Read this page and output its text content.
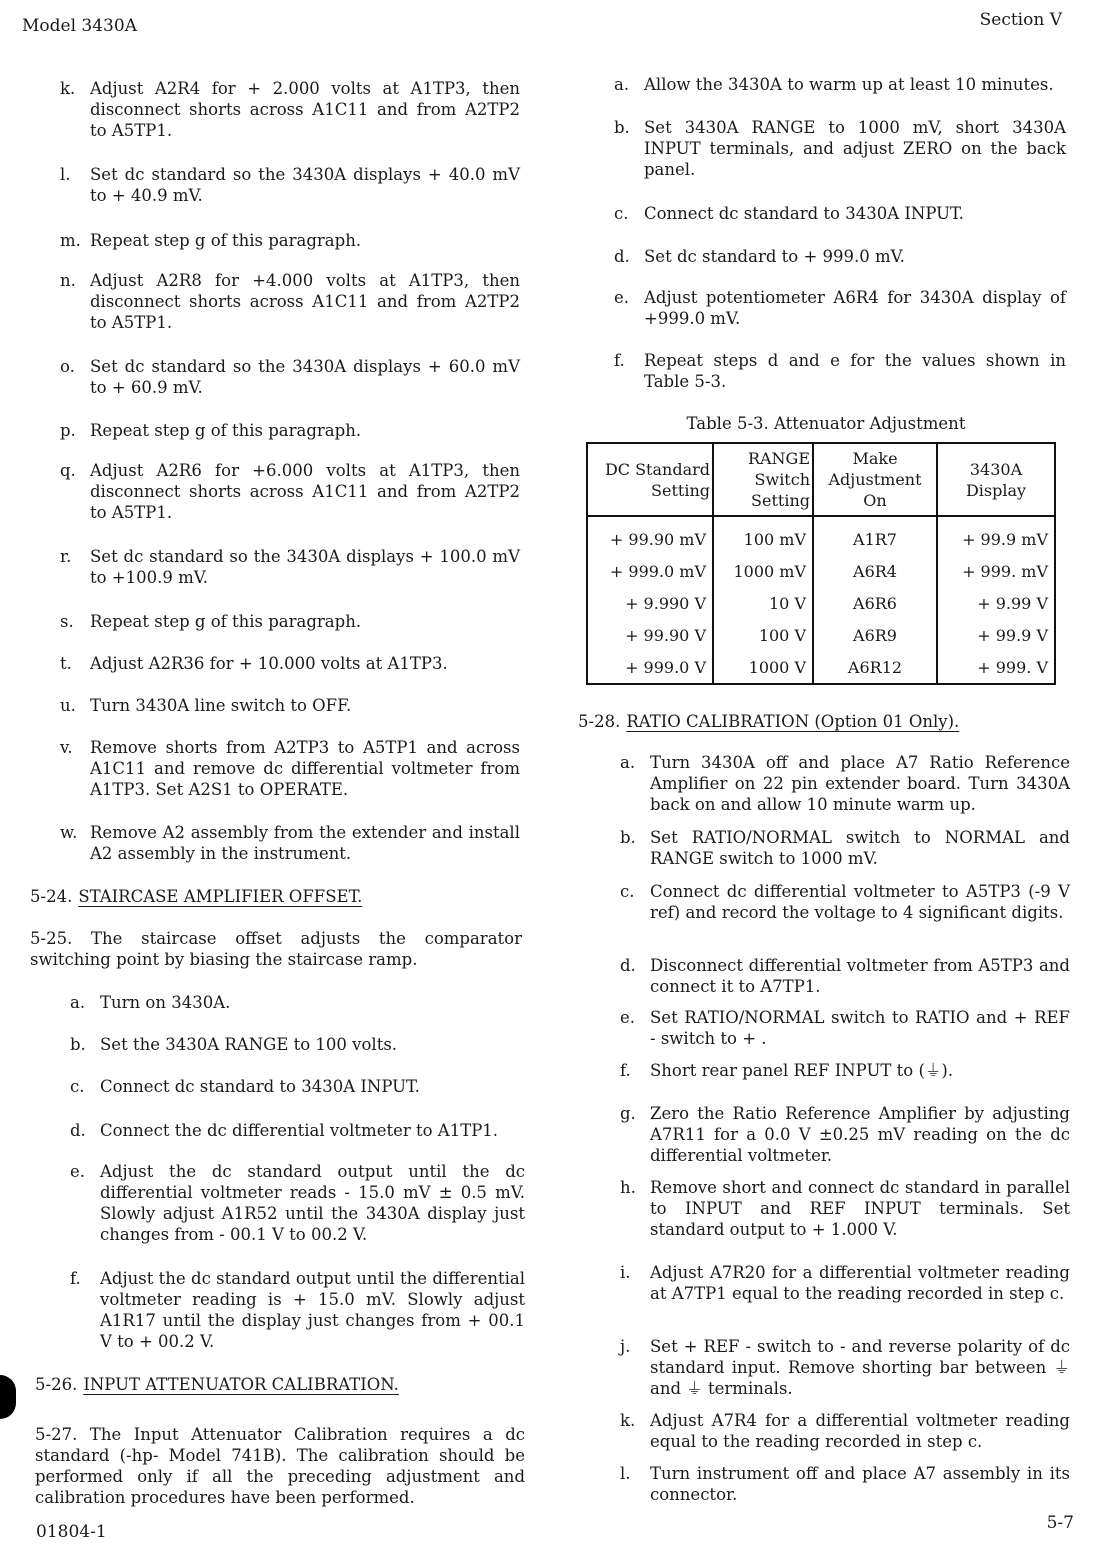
Model 3430A	Section V
k. Adjust A2R4 for + 2.000 volts at A1TP3, then disconnect shorts across A1C11 and from A2TP2 to A5TP1.
l.	Set dc standard so the 3430A displays + 40.0 mV to + 40.9 mV.
m. Repeat step g of this paragraph.
n. Adjust A2R8 for +4.000 volts at A1TP3, then disconnect shorts across A1C11 and from A2TP2 to A5TP1.
o. Set dc standard so the 3430A displays + 60.0 mV to + 60.9 mV.
p. Repeat step g of this paragraph.
q. Adjust A2R6 for +6.000 volts at A1TP3, then disconnect shorts across A1C11 and from A2TP2 to A5TP1.
r.	Set dc standard so the 3430A displays + 100.0 mV to +100.9 mV.
s. Repeat step g of this paragraph.
t.	Adjust A2R36 for + 10.000 volts at A1TP3.
u. Turn 3430A line switch to OFF.
v.	Remove shorts from A2TP3 to A5TP1 and across A1C11 and remove dc differential voltmeter from A1TP3. Set A2S1 to OPERATE.
w. Remove A2 assembly from the extender and install A2 assembly in the instrument.
5-24. STAIRCASE AMPLIFIER OFFSET.
5-25. The staircase offset adjusts the comparator switching point by biasing the staircase ramp.
a. Turn on 3430A.
b. Set the 3430A RANGE to 100 volts.
c. Connect dc standard to 3430A INPUT.
d. Connect the dc differential voltmeter to A1TP1.
e. Adjust the dc standard output until the dc differential voltmeter reads - 15.0 mV ± 0.5 mV. Slowly adjust A1R52 until the 3430A display just changes from - 00.1 V to 00.2 V.
f.	Adjust the dc standard output until the differential voltmeter reading is + 15.0 mV. Slowly adjust A1R17 until the display just changes from + 00.1 V to + 00.2 V.
5-26. INPUT ATTENUATOR CALIBRATION.
5-27. The Input Attenuator Calibration requires a dc standard (-hp- Model 741B). The calibration should be performed only if all the preceding adjustment and calibration procedures have been performed.
a. Allow the 3430A to warm up at least 10 minutes.
b. Set 3430A RANGE to 1000 mV, short 3430A INPUT terminals, and adjust ZERO on the back panel.
c. Connect dc standard to 3430A INPUT.
d. Set dc standard to + 999.0 mV.
e. Adjust potentiometer A6R4 for 3430A display of +999.0 mV.
f.	Repeat steps d and e for the values shown in Table 5-3.
Table 5-3. Attenuator Adjustment
DC Standard Setting	RANGE Switch Setting	Make Adjustment On	3430A Display
+ 99.90 mV	100 mV	A1R7	+ 99.9 mV
+ 999.0 mV	1000 mV	A6R4	+ 999. mV
+ 9.990 V	10 V	A6R6	+ 9.99 V
+ 99.90 V	100 V	A6R9	+ 99.9 V
+ 999.0 V	1000 V	A6R12	+ 999. V
5-28. RATIO CALIBRATION (Option 01 Only).
a. Turn 3430A off and place A7 Ratio Reference Amplifier on 22 pin extender board. Turn 3430A back on and allow 10 minute warm up.
b. Set RATIO/NORMAL switch to NORMAL and RANGE switch to 1000 mV.
c. Connect dc differential voltmeter to A5TP3 (-9 V ref) and record the voltage to 4 significant digits.
d. Disconnect differential voltmeter from A5TP3 and connect it to A7TP1.
e. Set RATIO/NORMAL switch to RATIO and + REF - switch to + .
f.	Short rear panel REF INPUT to (⏚).
g. Zero the Ratio Reference Amplifier by adjusting A7R11 for a 0.0 V ±0.25 mV reading on the dc differential voltmeter.
h. Remove short and connect dc standard in parallel to INPUT and REF INPUT terminals. Set standard output to + 1.000 V.
i.	Adjust A7R20 for a differential voltmeter reading at A7TP1 equal to the reading recorded in step c.
j.	Set + REF - switch to - and reverse polarity of dc standard input. Remove shorting bar between ⏚ and ⏚ terminals.
k. Adjust A7R4 for a differential voltmeter reading equal to the reading recorded in step c.
l.	Turn instrument off and place A7 assembly in its connector.
01804-1	5-7
